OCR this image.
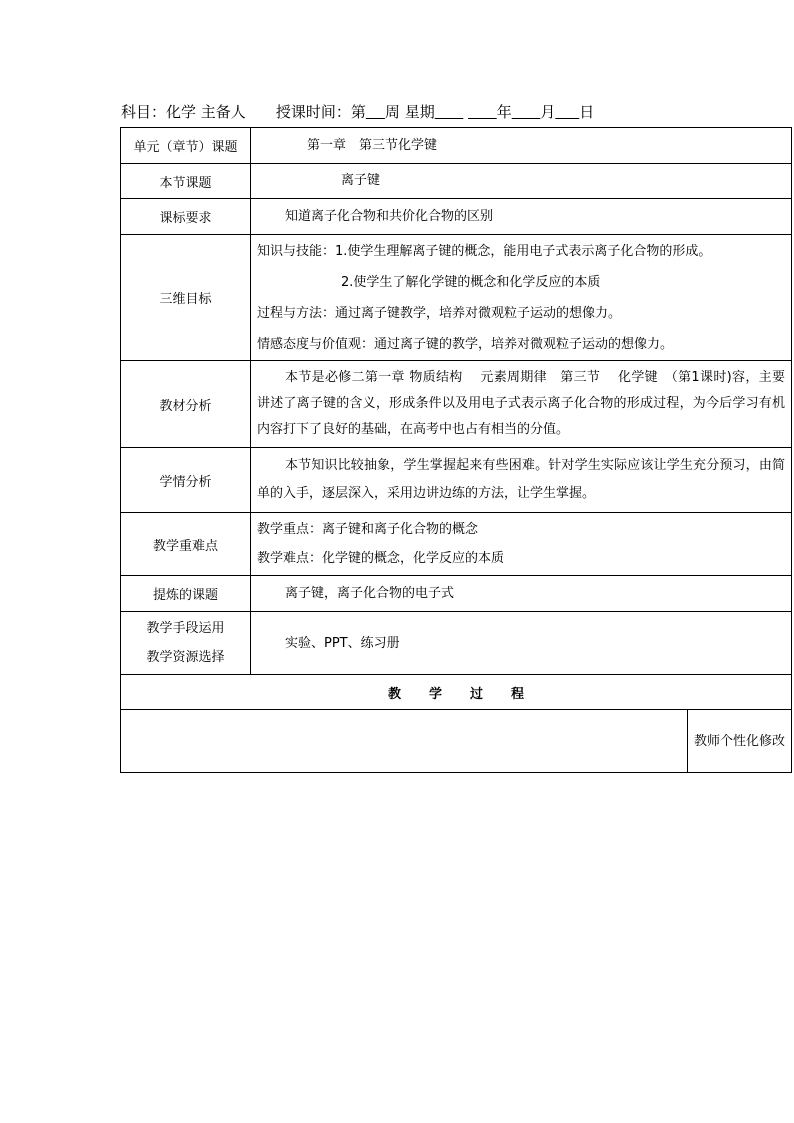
科目：化学 主备人 授课时间：第 周 星期	年 月 日
单元（章节）课题	第一章　第三节化学键	

本节课题	离子键	

课标要求	知道离子化合物和共价化合物的区别	

三维目标	知识与技能：1.使学生理解离子键的概念，能用电子式表示离子化合物的形成。
2.使学生了解化学键的概念和化学反应的本质
过程与方法：通过离子键教学，培养对微观粒子运动的想像力。
情感态度与价值观：通过离子键的教学，培养对微观粒子运动的想像力。	

教材分析	本节是必修二第一章 物质结构　 元素周期律　第三节　 化学键　（第1课时)容，主要讲述了离子键的含义，形成条件以及用电子式表示离子化合物的形成过程，为今后学习有机内容打下了良好的基础，在高考中也占有相当的分值。	

学情分析	本节知识比较抽象，学生掌握起来有些困难。针对学生实际应该让学生充分预习，由简单的入手，逐层深入，采用边讲边练的方法，让学生掌握。	

教学重难点	教学重点：离子键和离子化合物的概念
教学难点：化学键的概念，化学反应的本质	

提炼的课题	离子键，离子化合物的电子式	

教学手段运用
教学资源选择	实验、PPT、练习册	

教 学 过 程		

		教师个性化修改
